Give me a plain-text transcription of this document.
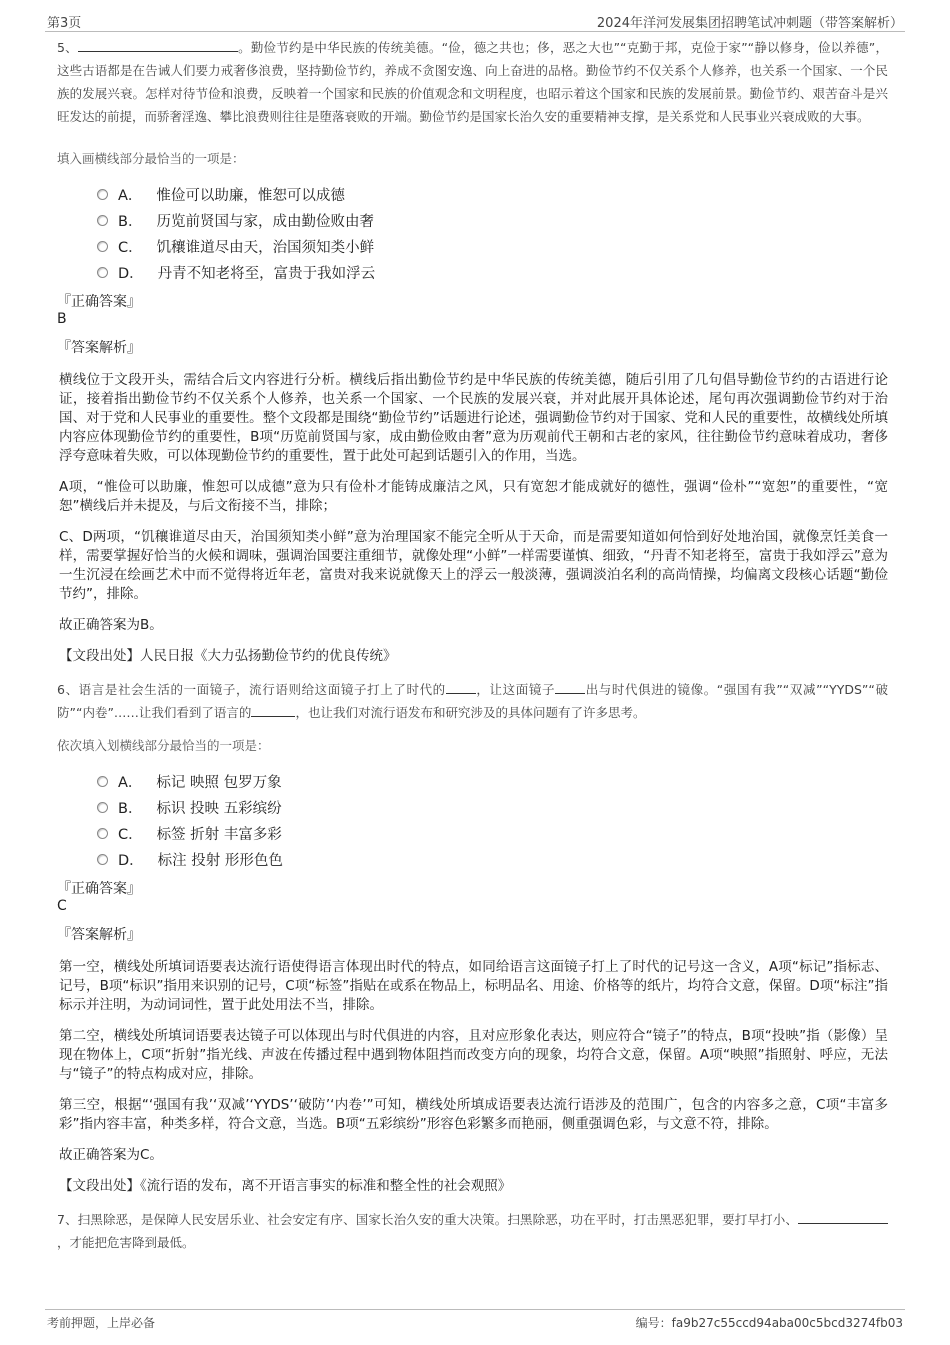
第3页	2024年洋河发展集团招聘笔试冲刺题（带答案解析）
5、	。勤俭节约是中华民族的传统美德。“俭，德之共也；侈，恶之大也”“克勤于邦，克俭于家”“静以修身，俭以养德”，这些古语都是在告诫人们要力戒奢侈浪费，坚持勤俭节约，养成不贪图安逸、向上奋进的品格。勤俭节约不仅关系个人修养，也关系一个国家、一个民族的发展兴衰。怎样对待节俭和浪费，反映着一个国家和民族的价值观念和文明程度，也昭示着这个国家和民族的发展前景。勤俭节约、艰苦奋斗是兴旺发达的前提，而骄奢淫逸、攀比浪费则往往是堕落衰败的开端。勤俭节约是国家长治久安的重要精神支撑，是关系党和人民事业兴衰成败的大事。
填入画横线部分最恰当的一项是：
A． 惟俭可以助廉，惟恕可以成德
B． 历览前贤国与家，成由勤俭败由奢
C． 饥穰谁道尽由天，治国须知类小鲜
D． 丹青不知老将至，富贵于我如浮云
『正确答案』
B
『答案解析』

横线位于文段开头，需结合后文内容进行分析。横线后指出勤俭节约是中华民族的传统美德，随后引用了几句倡导勤俭节约的古语进行论证，接着指出勤俭节约不仅关系个人修养，也关系一个国家、一个民族的发展兴衰，并对此展开具体论述，尾句再次强调勤俭节约对于治国、对于党和人民事业的重要性。整个文段都是围绕“勤俭节约”话题进行论述，强调勤俭节约对于国家、党和人民的重要性，故横线处所填内容应体现勤俭节约的重要性，B项“历览前贤国与家，成由勤俭败由奢”意为历观前代王朝和古老的家风，往往勤俭节约意味着成功，奢侈浮夸意味着失败，可以体现勤俭节约的重要性，置于此处可起到话题引入的作用，当选。

A项，“惟俭可以助廉，惟恕可以成德”意为只有俭朴才能铸成廉洁之风，只有宽恕才能成就好的德性，强调“俭朴”“宽恕”的重要性，“宽恕”横线后并未提及，与后文衔接不当，排除；

C、D两项，“饥穰谁道尽由天，治国须知类小鲜”意为治理国家不能完全听从于天命，而是需要知道如何恰到好处地治国，就像烹饪美食一样，需要掌握好恰当的火候和调味，强调治国要注重细节，就像处理“小鲜”一样需要谨慎、细致，“丹青不知老将至，富贵于我如浮云”意为一生沉浸在绘画艺术中而不觉得将近年老，富贵对我来说就像天上的浮云一般淡薄，强调淡泊名利的高尚情操，均偏离文段核心话题“勤俭节约”，排除。

故正确答案为B。

【文段出处】人民日报《大力弘扬勤俭节约的优良传统》

6、语言是社会生活的一面镜子，流行语则给这面镜子打上了时代的 ，让这面镜子 出与时代俱进的镜像。“强国有我”“双减”“YYDS”“破防”“内卷”……让我们看到了语言的	，也让我们对流行语发布和研究涉及的具体问题有了许多思考。
依次填入划横线部分最恰当的一项是：
A． 标记 映照 包罗万象
B． 标识 投映 五彩缤纷
C． 标签 折射 丰富多彩
D． 标注 投射 形形色色
『正确答案』
C
『答案解析』

第一空，横线处所填词语要表达流行语使得语言体现出时代的特点，如同给语言这面镜子打上了时代的记号这一含义，A项“标记”指标志、记号，B项“标识”指用来识别的记号，C项“标签”指贴在或系在物品上，标明品名、用途、价格等的纸片，均符合文意，保留。D项“标注”指标示并注明，为动词词性，置于此处用法不当，排除。

第二空，横线处所填词语要表达镜子可以体现出与时代俱进的内容，且对应形象化表达，则应符合“镜子”的特点，B项“投映”指（影像）呈现在物体上，C项“折射”指光线、声波在传播过程中遇到物体阻挡而改变方向的现象，均符合文意，保留。A项“映照”指照射、呼应，无法与“镜子”的特点构成对应，排除。

第三空，根据“‘强国有我’‘双减’‘YYDS’‘破防’‘内卷’”可知，横线处所填成语要表达流行语涉及的范围广，包含的内容多之意，C项“丰富多彩”指内容丰富，种类多样，符合文意，当选。B项“五彩缤纷”形容色彩繁多而艳丽，侧重强调色彩，与文意不符，排除。

故正确答案为C。

【文段出处】《流行语的发布，离不开语言事实的标准和整全性的社会观照》

7、扫黑除恶，是保障人民安居乐业、社会安定有序、国家长治久安的重大决策。扫黑除恶，功在平时，打击黑恶犯罪，要打早打小、，才能把危害降到最低。
考前押题，上岸必备	编号：fa9b27c55ccd94aba00c5bcd3274fb03
